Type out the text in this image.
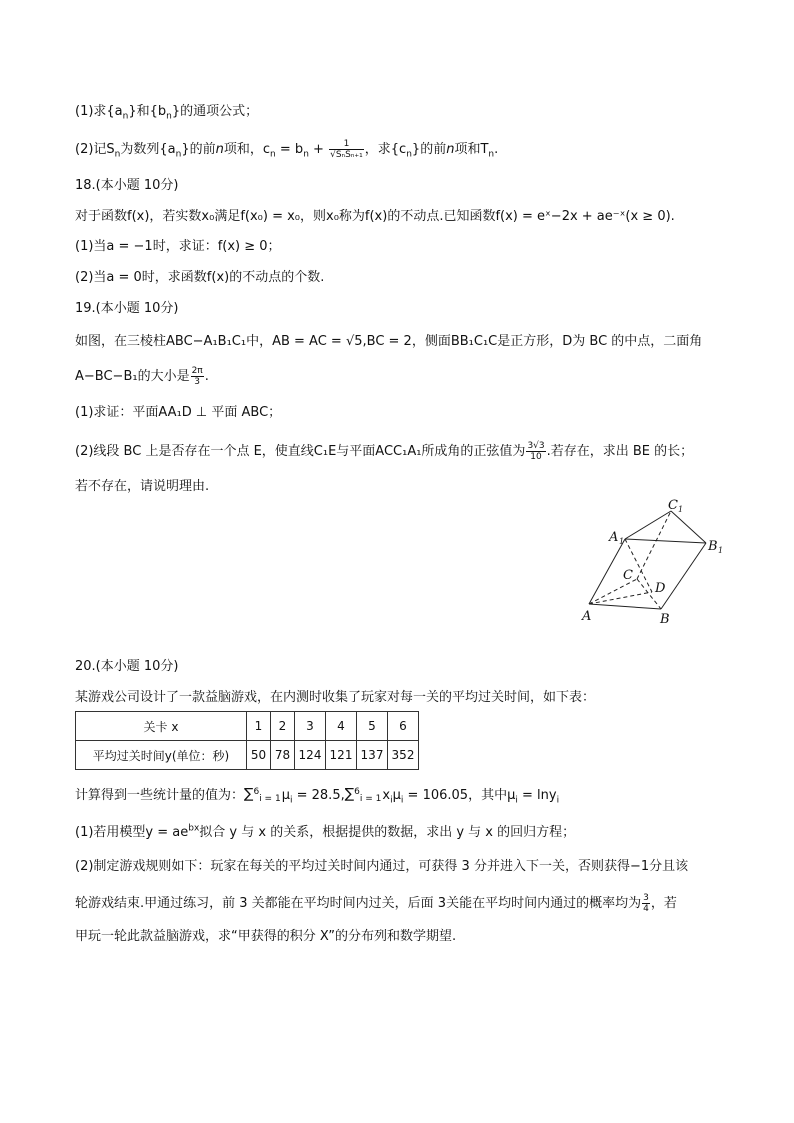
(1)求$\{a_n\}$和$\{b_n\}$的通项公式；
(2)记$S_n$为数列$\{a_n\}$的前n项和，$c_n = b_n + \frac{1}{\text{√SₙSₙ₊₁}}$ ，求$\{c_n\}$的前n项和$T_n$.
18.(本小题 10分)
对于函数f(x)，若实数x₀满足f(x₀) = x₀，则x₀称为f(x)的不动点.已知函数f(x) = eˣ−2x + ae⁻ˣ(x ≥ 0).
(1)当a = −1时，求证：f(x) ≥ 0；
(2)当a = 0时，求函数f(x)的不动点的个数.
19.(本小题 10分)
如图，在三棱柱ABC−A₁B₁C₁中，AB = AC = √5,BC = 2，侧面BB₁C₁C是正方形，D为 BC 的中点，二面角
A−BC−B₁的大小是 $\frac{2\pi}{3}$ .
(1)求证：平面AA₁D ⊥ 平面 ABC；
(2)线段 BC 上是否存在一个点 E，使直线C₁E与平面ACC₁A₁所成角的正弦值为 $\frac{3√3}{10}$ .若存在，求出 BE 的长；
若不存在，请说明理由.
A	B
C
D
A 1	B 1
C 1
20.(本小题 10分)
某游戏公司设计了一款益脑游戏，在内测时收集了玩家对每一关的平均过关时间，如下表：
关卡 x	1	2	3	4	5	6
平均过关时间y(单位：秒)	50	78	124	121	137	352
计算得到一些统计量的值为：$\sum^6_{i = 1}\mu_i = 28.5,\sum^6_{i = 1}x_i\mu_i = 106.05$，其中$\mu_i = \ln y_i$
(1)若用模型$y = ae^{bx}$拟合 y 与 x 的关系，根据提供的数据，求出 y 与 x 的回归方程；
(2)制定游戏规则如下：玩家在每关的平均过关时间内通过，可获得 3 分并进入下一关，否则获得−1分且该
轮游戏结束.甲通过练习，前 3 关都能在平均时间内过关，后面 3关能在平均时间内通过的概率均为 $\frac{3}{4}$ ，若
甲玩一轮此款益脑游戏，求“甲获得的积分 X”的分布列和数学期望.
